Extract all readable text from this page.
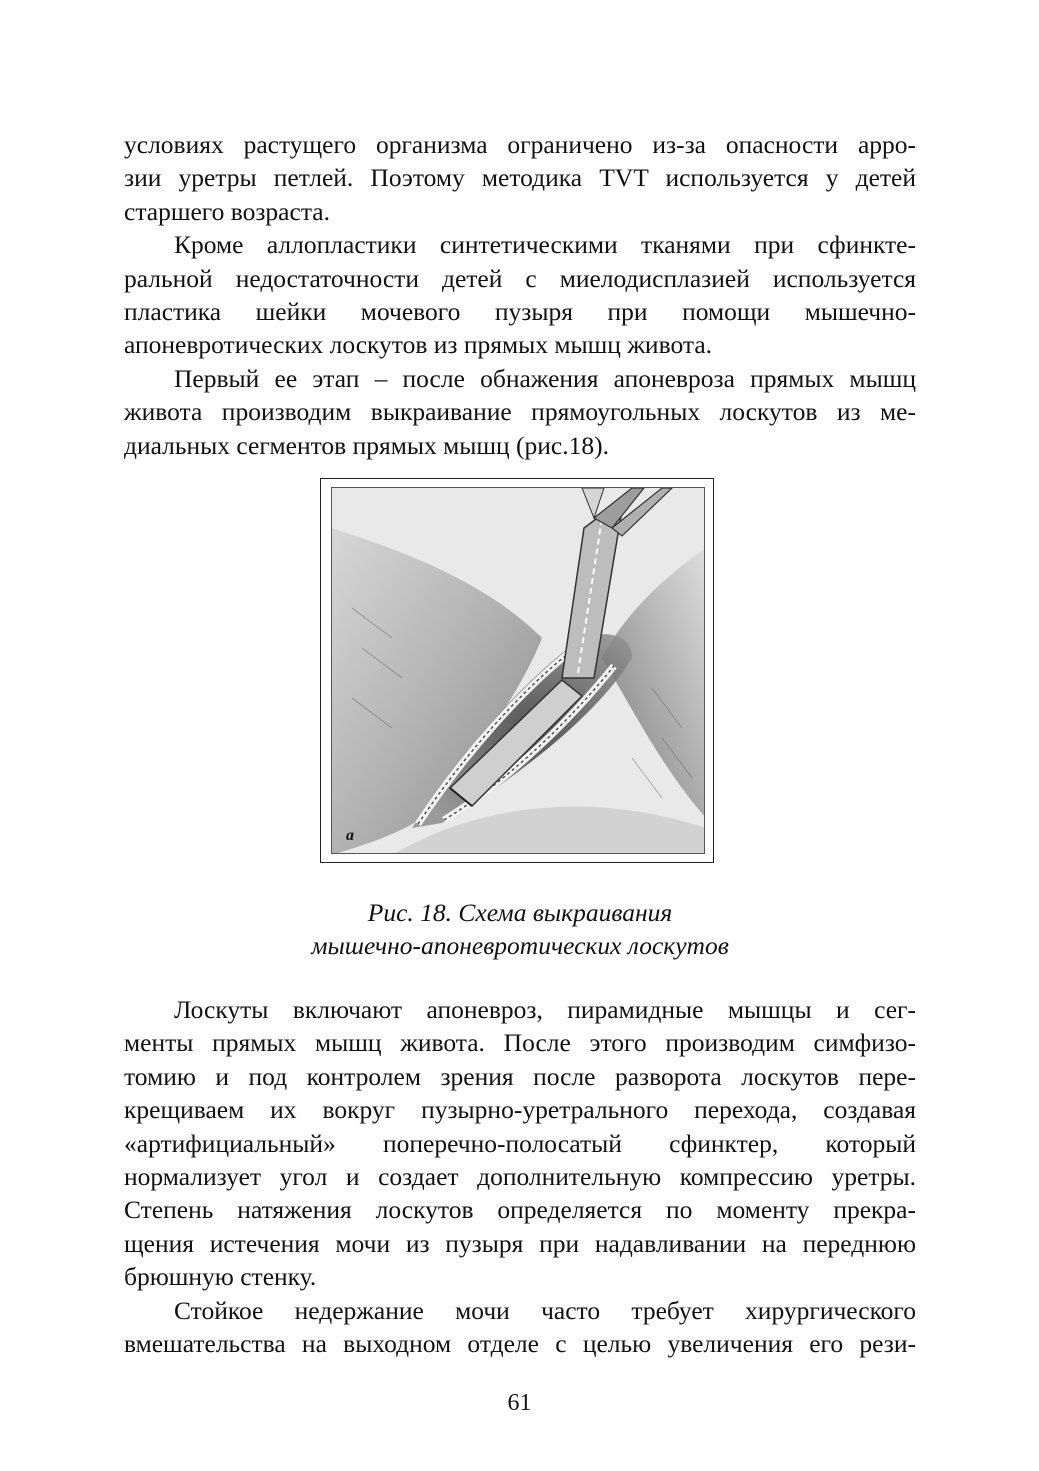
условиях растущего организма ограничено из-за опасности арро-
зии уретры петлей. Поэтому методика TVT используется у детей
старшего возраста.

Кроме аллопластики синтетическими тканями при сфинкте-
ральной недостаточности детей с миелодисплазией используется
пластика шейки мочевого пузыря при помощи мышечно-
апоневротических лоскутов из прямых мышц живота.

Первый ее этап – после обнажения апоневроза прямых мышц
живота производим выкраивание прямоугольных лоскутов из ме-
диальных сегментов прямых мышц (рис.18).

a
Рис. 18. Схема выкраивания
мышечно-апоневротических лоскутов

Лоскуты включают апоневроз, пирамидные мышцы и сег-
менты прямых мышц живота. После этого производим симфизо-
томию и под контролем зрения после разворота лоскутов пере-
крещиваем их вокруг пузырно-уретрального перехода, создавая
«артифициальный» поперечно-полосатый сфинктер, который
нормализует угол и создает дополнительную компрессию уретры.
Степень натяжения лоскутов определяется по моменту прекра-
щения истечения мочи из пузыря при надавливании на переднюю
брюшную стенку.

Стойкое недержание мочи часто требует хирургического
вмешательства на выходном отделе с целью увеличения его рези-

61
